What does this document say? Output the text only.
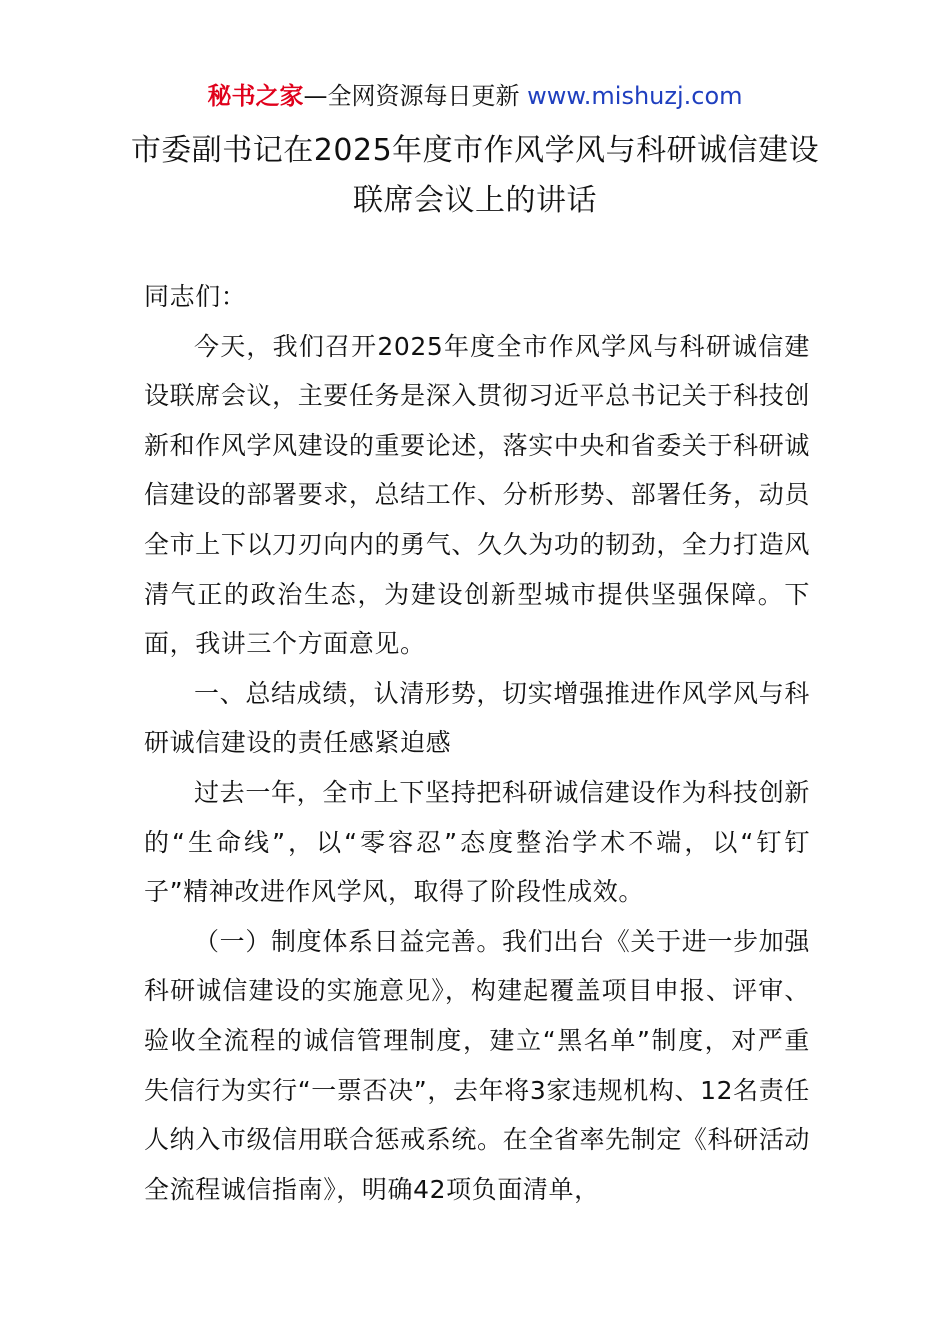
秘书之家—全网资源每日更新 www.mishuzj.com
市委副书记在2025年度市作风学风与科研诚信建设联席会议上的讲话

同志们：

今天，我们召开2025年度全市作风学风与科研诚信建设联席会议，主要任务是深入贯彻习近平总书记关于科技创新和作风学风建设的重要论述，落实中央和省委关于科研诚信建设的部署要求，总结工作、分析形势、部署任务，动员全市上下以刀刃向内的勇气、久久为功的韧劲，全力打造风清气正的政治生态，为建设创新型城市提供坚强保障。下面，我讲三个方面意见。

一、总结成绩，认清形势，切实增强推进作风学风与科研诚信建设的责任感紧迫感

过去一年，全市上下坚持把科研诚信建设作为科技创新的“生命线”，以“零容忍”态度整治学术不端，以“钉钉子”精神改进作风学风，取得了阶段性成效。

（一）制度体系日益完善。我们出台《关于进一步加强科研诚信建设的实施意见》，构建起覆盖项目申报、评审、验收全流程的诚信管理制度，建立“黑名单”制度，对严重失信行为实行“一票否决”，去年将3家违规机构、12名责任人纳入市级信用联合惩戒系统。在全省率先制定《科研活动全流程诚信指南》，明确42项负面清单，
